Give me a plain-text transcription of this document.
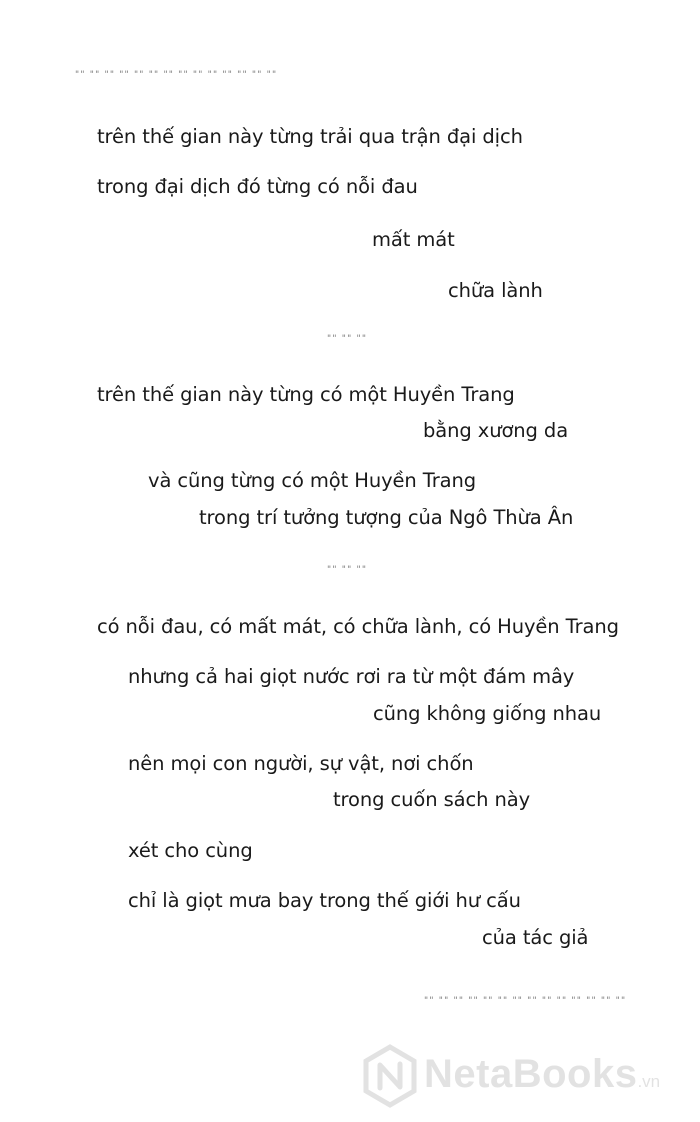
"" "" "" "" "" "" "" "" "" "" "" "" "" ""
trên thế gian này từng trải qua trận đại dịch
trong đại dịch đó từng có nỗi đau
mất mát
chữa lành
"" "" ""
trên thế gian này từng có một Huyền Trang
bằng xương da
và cũng từng có một Huyền Trang
trong trí tưởng tượng của Ngô Thừa Ân
"" "" ""
có nỗi đau, có mất mát, có chữa lành, có Huyền Trang
nhưng cả hai giọt nước rơi ra từ một đám mây
cũng không giống nhau
nên mọi con người, sự vật, nơi chốn
trong cuốn sách này
xét cho cùng
chỉ là giọt mưa bay trong thế giới hư cấu
của tác giả
"" "" "" "" "" "" "" "" "" "" "" "" "" ""
NetaBooks.vn
